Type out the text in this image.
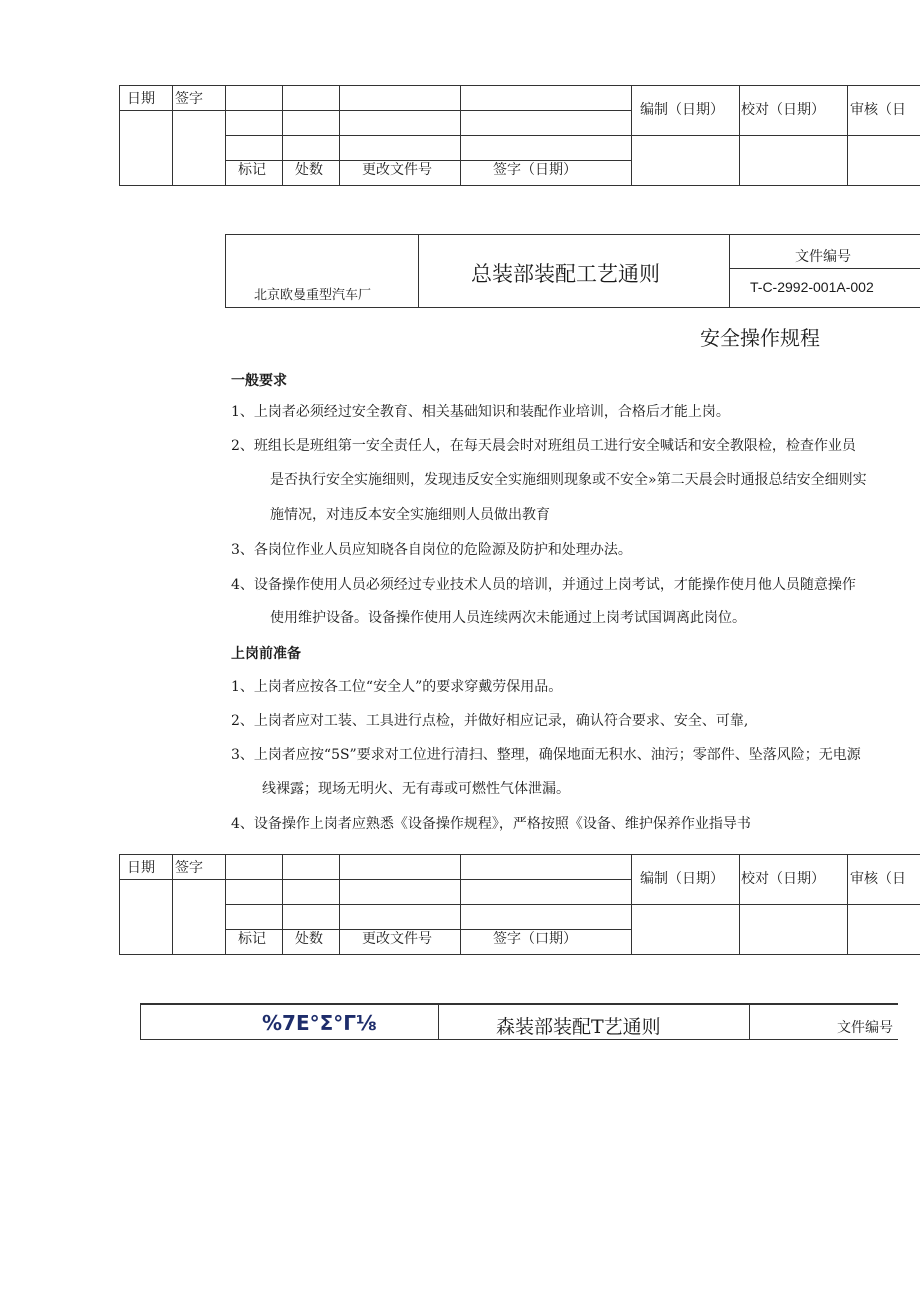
日期 签字
标记 处数	更改文件号	签字（日期）
编制（日期） 校对（日期） 审核（日
北京欧曼重型汽车厂
总装部装配工艺通则
文件编号
T-C-2992-001A-002
安全操作规程
一般要求
1、上岗者必须经过安全教育、相关基础知识和装配作业培训，合格后才能上岗。
2、班组长是班组第一安全责任人，在每天晨会时对班组员工进行安全喊话和安全教限检，检查作业员
是否执行安全实施细则，发现违反安全实施细则现象或不安全»第二天晨会时通报总结安全细则实
施情况，对违反本安全实施细则人员做出教育
3、各岗位作业人员应知晓各自岗位的危险源及防护和处理办法。
4、设备操作使用人员必须经过专业技术人员的培训，并通过上岗考试，才能操作使月他人员随意操作
使用维护设备。设备操作使用人员连续两次未能通过上岗考试国调离此岗位。
上岗前准备
1、上岗者应按各工位“安全人”的要求穿戴劳保用品。
2、上岗者应对工装、工具进行点检，并做好相应记录，确认符合要求、安全、可靠,
3、上岗者应按“5S”要求对工位进行清扫、整理，确保地面无积水、油污；零部件、坠落风险；无电源
线裸露；现场无明火、无有毒或可燃性气体泄漏。
4、设备操作上岗者应熟悉《设备操作规程》，严格按照《设备、维护保养作业指导书
日期 签字
标记 处数	更改文件号	签字（口期）
编制（日期） 校对（日期） 审核（日
%7E°Σ°Γ⅛	森装部装配T艺通则	文件编号
